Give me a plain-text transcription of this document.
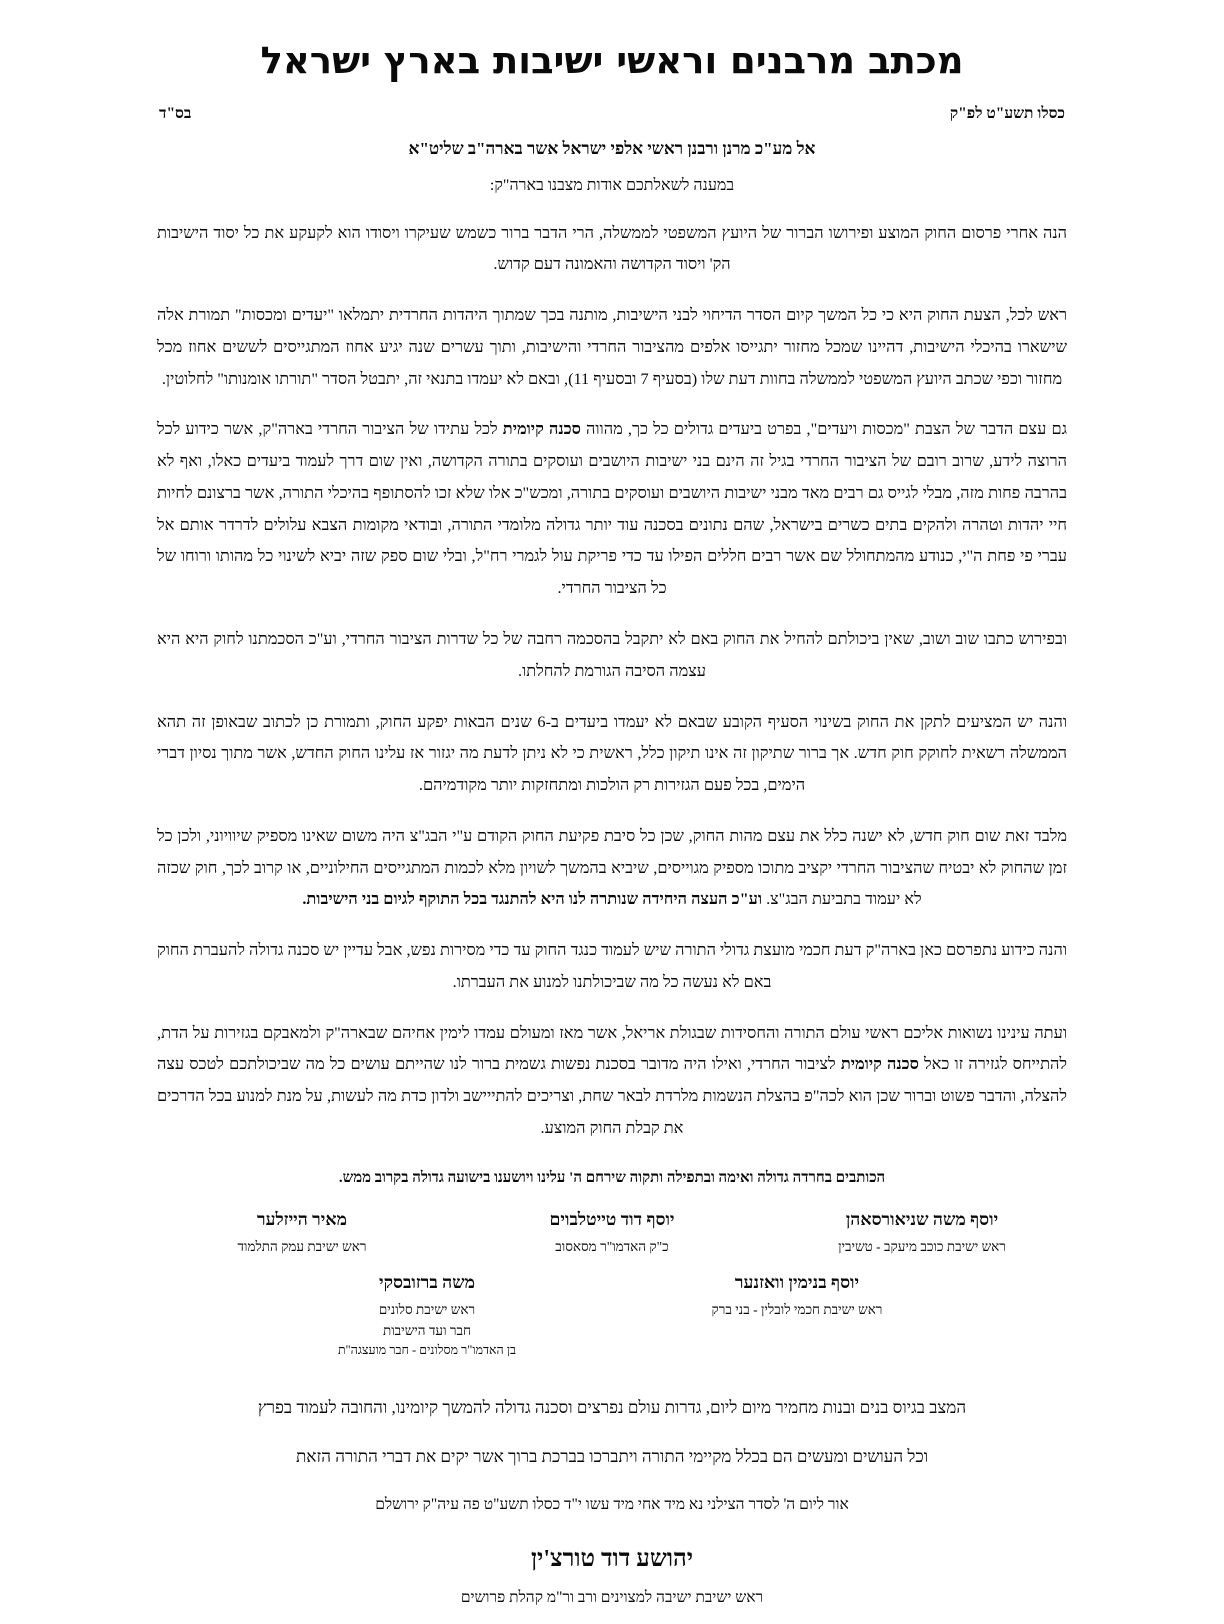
מכתב מרבנים וראשי ישיבות בארץ ישראל
בס"ד	כסלו תשע"ט לפ"ק
אל מע"כ מרנן ורבנן ראשי אלפי ישראל אשר בארה"ב שליט"א
במענה לשאלתכם אודות מצבנו בארה"ק:

הנה אחרי פרסום החוק המוצע ופירושו הברור של היועץ המשפטי לממשלה, הרי הדבר ברור כשמש שעיקרו ויסודו הוא לקעקע את כל יסוד הישיבות הק' ויסוד הקדושה והאמונה דעם קדוש.

ראש לכל, הצעת החוק היא כי כל המשך קיום הסדר הדיחוי לבני הישיבות, מותנה בכך שמתוך היהדות החרדית יתמלאו "יעדים ומכסות" תמורת אלה שישארו בהיכלי הישיבות, דהיינו שמכל מחזור יתגייסו אלפים מהציבור החרדי והישיבות, ותוך עשרים שנה יגיע אחוז המתגייסים לששים אחוז מכל מחזור וכפי שכתב היועץ המשפטי לממשלה בחוות דעת שלו (בסעיף 7 ובסעיף 11), ובאם לא יעמדו בתנאי זה, יתבטל הסדר "תורתו אומנותו" לחלוטין.

גם עצם הדבר של הצבת "מכסות ויעדים", בפרט ביעדים גדולים כל כך, מהווה סכנה קיומית לכל עתידו של הציבור החרדי בארה"ק, אשר כידוע לכל הרוצה לידע, שרוב רובם של הציבור החרדי בגיל זה הינם בני ישיבות היושבים ועוסקים בתורה הקדושה, ואין שום דרך לעמוד ביעדים כאלו, ואף לא בהרבה פחות מזה, מבלי לגייס גם רבים מאד מבני ישיבות היושבים ועוסקים בתורה, ומכש"כ אלו שלא זכו להסתופף בהיכלי התורה, אשר ברצונם לחיות חיי יהדות וטהרה ולהקים בתים כשרים בישראל, שהם נתונים בסכנה עוד יותר גדולה מלומדי התורה, ובודאי מקומות הצבא עלולים לדרדר אותם אל עברי פי פחת ה"י, כנודע מהמתחולל שם אשר רבים חללים הפילו עד כדי פריקת עול לגמרי רח"ל, ובלי שום ספק שזה יביא לשינוי כל מהותו ורוחו של כל הציבור החרדי.

ובפירוש כתבו שוב ושוב, שאין ביכולתם להחיל את החוק באם לא יתקבל בהסכמה רחבה של כל שדרות הציבור החרדי, וע"כ הסכמתנו לחוק היא היא עצמה הסיבה הגורמת להחלתו.

והנה יש המציעים לתקן את החוק בשינוי הסעיף הקובע שבאם לא יעמדו ביעדים ב-6 שנים הבאות יפקע החוק, ותמורת כן לכתוב שבאופן זה תהא הממשלה רשאית לחוקק חוק חדש. אך ברור שתיקון זה אינו תיקון כלל, ראשית כי לא ניתן לדעת מה יגזור אז עלינו החוק החדש, אשר מתוך נסיון דברי הימים, בכל פעם הגזירות רק הולכות ומתחזקות יותר מקודמיהם.

מלבד זאת שום חוק חדש, לא ישנה כלל את עצם מהות החוק, שכן כל סיבת פקיעת החוק הקודם ע"י הבג"צ היה משום שאינו מספיק שיוויוני, ולכן כל זמן שהחוק לא יבטיח שהציבור החרדי יקציב מתוכו מספיק מגוייסים, שיביא בהמשך לשויון מלא לכמות המתגייסים החילוניים, או קרוב לכך, חוק שכזה לא יעמוד בתביעת הבג"צ. וע"כ העצה היחידה שנותרה לנו היא להתנגד בכל התוקף לגיום בני הישיבות.

והנה כידוע נתפרסם כאן בארה"ק דעת חכמי מועצת גדולי התורה שיש לעמוד כנגד החוק עד כדי מסירות נפש, אבל עדיין יש סכנה גדולה להעברת החוק באם לא נעשה כל מה שביכולתנו למנוע את העברתו.

ועתה עינינו נשואות אליכם ראשי עולם התורה והחסידות שבגולת אריאל, אשר מאז ומעולם עמדו לימין אחיהם שבארה"ק ולמאבקם בגזירות על הדת, להתייחס לגזירה זו כאל סכנה קיומית לציבור החרדי, ואילו היה מדובר בסכנת נפשות גשמית ברור לנו שהייתם עושים כל מה שביכולתכם לטכס עצה להצלה, והדבר פשוט וברור שכן הוא לכה"פ בהצלת הנשמות מלרדת לבאר שחת, וצריכים להתייישב ולדון כדת מה לעשות, על מנת למנוע בכל הדרכים את קבלת החוק המוצע.

הכותבים בחרדה גדולה ואימה ובתפילה ותקוה שירחם ה' עלינו ויושענו בישועה גדולה בקרוב ממש.
מאיר הייזלער
ראש ישיבת עמק התלמוד
יוסף דוד טייטלבוים
כ"ק האדמו"ר מסאסוב
יוסף משה שניאורסאהן
ראש ישיבת כוכב מיעקב - טשיבין
משה ברזובסקי
ראש ישיבת סלונים
חבר ועד הישיבות
בן האדמו"ר מסלונים - חבר מועצגה"ת
יוסף בנימין וואזנער
ראש ישיבת חכמי לובלין - בני ברק
המצב בגיוס בנים ובנות מחמיר מיום ליום, גדרות עולם נפרצים וסכנה גדולה להמשך קיומינו, והחובה לעמוד בפרץ
וכל העושים ומעשים הם בכלל מקיימי התורה ויתברכו בברכת ברוך אשר יקים את דברי התורה הזאת
אור ליום ה' לסדר הצילני נא מיד אחי מיד עשו י"ד כסלו תשע"ט פה עיה"ק ירושלם
יהושע דוד טורצ'ין
ראש ישיבת ישיבה למצוינים ורב ור"מ קהלת פרושים
